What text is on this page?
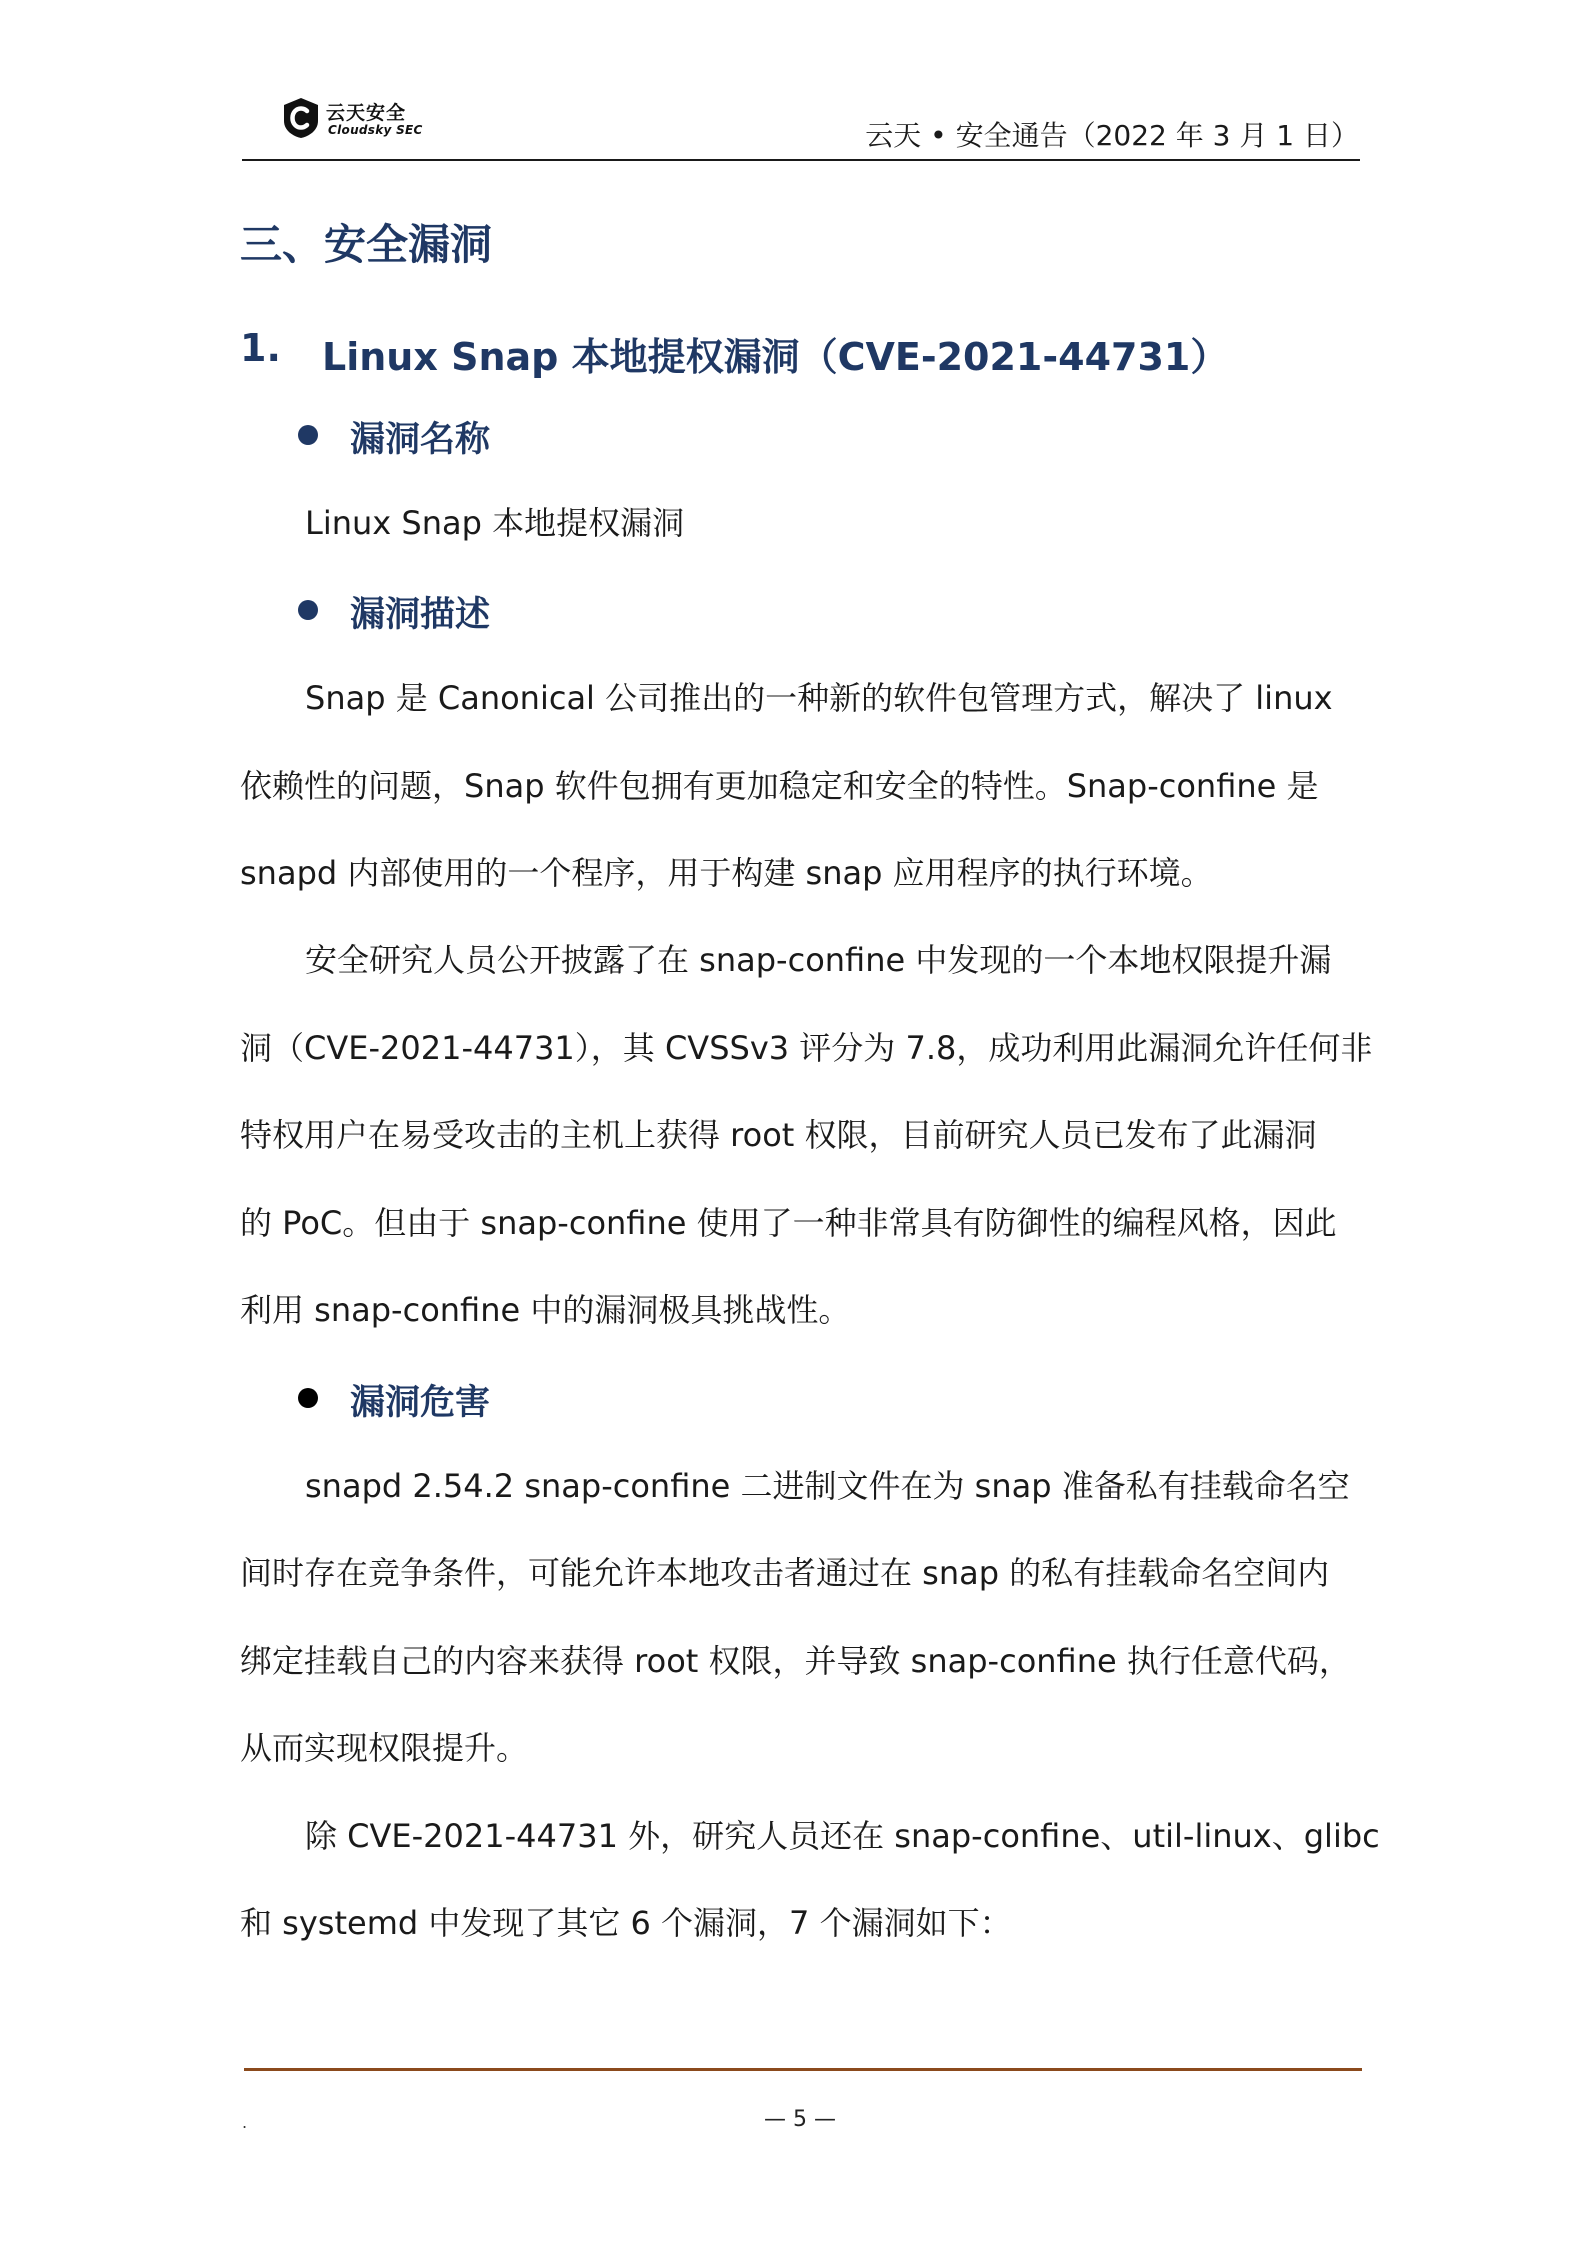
云天安全
Cloudsky SEC	云天 • 安全通告（2022 年 3 月 1 日）
三、安全漏洞
1. Linux Snap 本地提权漏洞（CVE-2021-44731）
漏洞名称
Linux Snap 本地提权漏洞
漏洞描述
Snap 是 Canonical 公司推出的一种新的软件包管理方式，解决了 linux
依赖性的问题，Snap 软件包拥有更加稳定和安全的特性。Snap-confine 是
snapd 内部使用的一个程序，用于构建 snap 应用程序的执行环境。
安全研究人员公开披露了在 snap-confine 中发现的一个本地权限提升漏
洞（CVE-2021-44731），其 CVSSv3 评分为 7.8，成功利用此漏洞允许任何非
特权用户在易受攻击的主机上获得 root 权限，目前研究人员已发布了此漏洞
的 PoC。但由于 snap-confine 使用了一种非常具有防御性的编程风格，因此
利用 snap-confine 中的漏洞极具挑战性。
漏洞危害
snapd 2.54.2 snap-confine 二进制文件在为 snap 准备私有挂载命名空
间时存在竞争条件，可能允许本地攻击者通过在 snap 的私有挂载命名空间内
绑定挂载自己的内容来获得 root 权限，并导致 snap-confine 执行任意代码，
从而实现权限提升。
除 CVE-2021-44731 外，研究人员还在 snap-confine、util-linux、glibc
和 systemd 中发现了其它 6 个漏洞，7 个漏洞如下：
.	— 5 —
